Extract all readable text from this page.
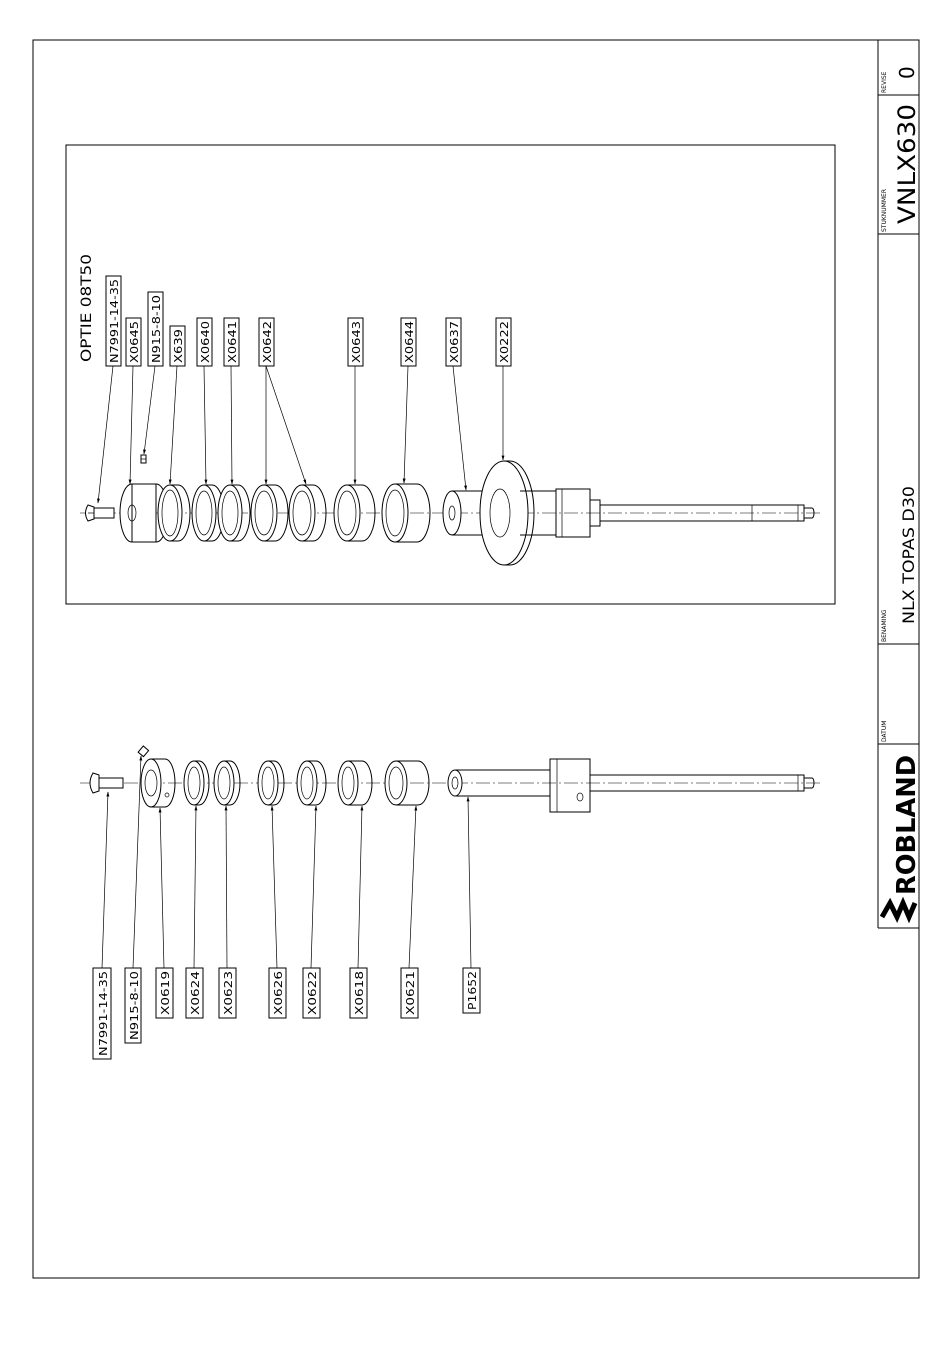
REVISE 0
STUKNUMMER VNLX630
BENAMING
NLX TOPAS D30
DATUM
ROBLAND
OPTIE 08T50 N7991-14-35 X0645 N915-8-10 X639 X0640 X0641 X0642	X0643	X0644	X0637	X0222
N7991-14-35 N915-8-10 X0619 X0624 X0623	X0626 X0622	X0618	X0621	P1652
